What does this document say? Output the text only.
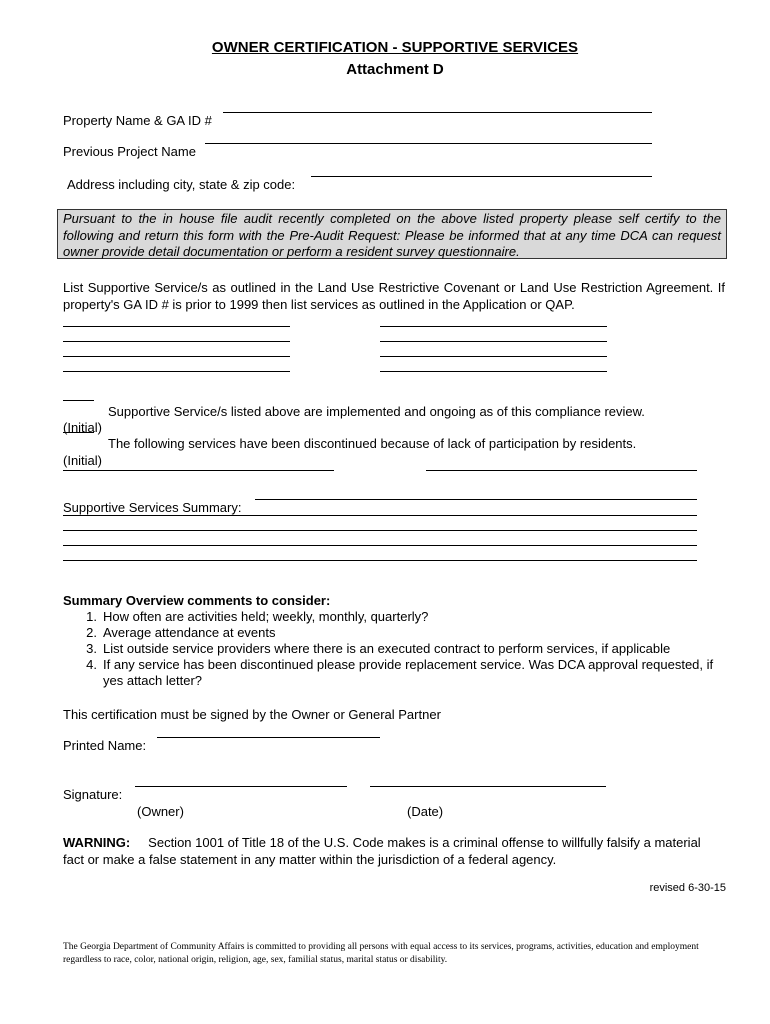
OWNER CERTIFICATION - SUPPORTIVE SERVICES
Attachment D
Property Name & GA ID #
Previous Project Name
Address including city, state & zip code:
Pursuant to the in house file audit recently completed on the above listed property please self certify to the following and return this form with the Pre-Audit Request: Please be informed that at any time DCA can request owner provide detail documentation or perform a resident survey questionnaire.
List Supportive Service/s as outlined in the Land Use Restrictive Covenant or Land Use Restriction Agreement. If property's GA ID # is prior to 1999 then list services as outlined in the Application or QAP.
Supportive Service/s listed above are implemented and ongoing as of this compliance review.
(Initial)
The following services have been discontinued because of lack of participation by residents.
(Initial)
Supportive Services Summary:
Summary Overview comments to consider:
1. How often are activities held; weekly, monthly, quarterly?
2. Average attendance at events
3. List outside service providers where there is an executed contract to perform services, if applicable
4. If any service has been discontinued please provide replacement service. Was DCA approval requested, if yes attach letter?
This certification must be signed by the Owner or General Partner
Printed Name:
Signature:
(Owner)	(Date)
WARNING: Section 1001 of Title 18 of the U.S. Code makes is a criminal offense to willfully falsify a material fact or make a false statement in any matter within the jurisdiction of a federal agency.
revised 6-30-15
The Georgia Department of Community Affairs is committed to providing all persons with equal access to its services, programs, activities, education and employment regardless to race, color, national origin, religion, age, sex, familial status, marital status or disability.
